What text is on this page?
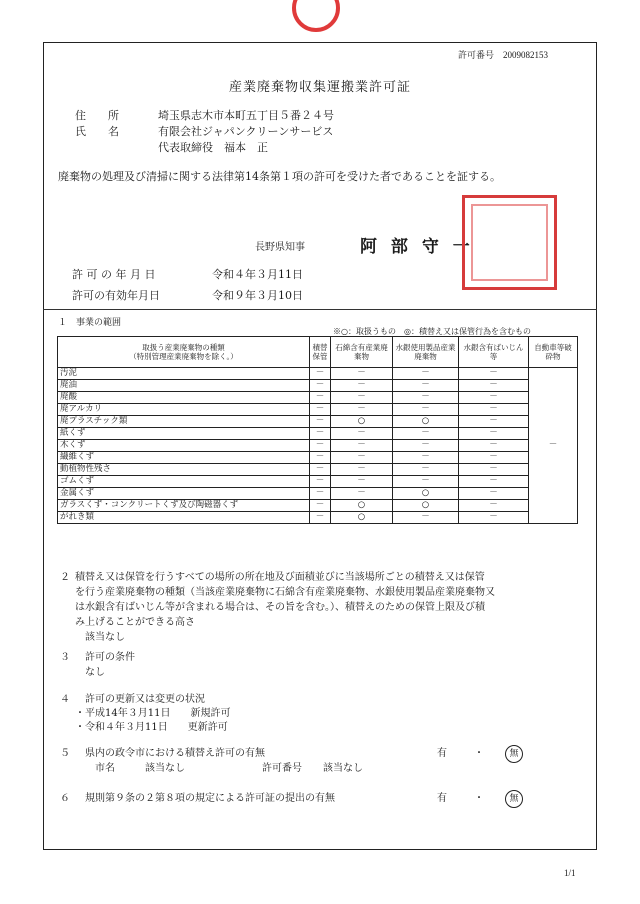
許可番号　 2009082153
産業廃棄物収集運搬業許可証
住　　所	埼玉県志木市本町五丁目５番２４号
氏　　名	有限会社ジャパンクリーンサービス
代表取締役　福本　正
廃棄物の処理及び清掃に関する法律第14条第１項の許可を受けた者であることを証する。
長野県知事	阿 部 守 一
許 可 の 年 月 日	令和４年３月11日
許可の有効年月日	令和９年３月10日
１　事業の範囲
※○：取扱うもの　◎：積替え又は保管行為を含むもの
取扱う産業廃棄物の種類
（特別管理産業廃棄物を除く。）	積替保管	石綿含有産業廃棄物	水銀使用製品産業廃棄物	水銀含有ばいじん等	自動車等破砕物
汚泥	－	－	－	－	－
廃油	－	－	－	－	
廃酸	－	－	－	－	
廃アルカリ	－	－	－	－	
廃プラスチック類	－	○	○	－	
紙くず	－	－	－	－	
木くず	－	－	－	－	
繊維くず	－	－	－	－	
動植物性残さ	－	－	－	－	
ゴムくず	－	－	－	－	
金属くず	－	－	○	－	
ガラスくず・コンクリートくず及び陶磁器くず	－	○	○	－	
がれき類	－	○	－	－	
２ 積替え又は保管を行うすべての場所の所在地及び面積並びに当該場所ごとの積替え又は保管
を行う産業廃棄物の種類（当該産業廃棄物に石綿含有産業廃棄物、水銀使用製品産業廃棄物又
は水銀含有ばいじん等が含まれる場合は、その旨を含む。）、積替えのための保管上限及び積
み上げることができる高さ
該当なし
３ 許可の条件
なし
４ 許可の更新又は変更の状況
・平成14年３月11日　　新規許可
・令和４年３月11日　　更新許可
５ 県内の政令市における積替え許可の有無	有	・	無
市名	該当なし	許可番号 該当なし
６ 規則第９条の２第８項の規定による許可証の提出の有無	有	・	無
1/1
